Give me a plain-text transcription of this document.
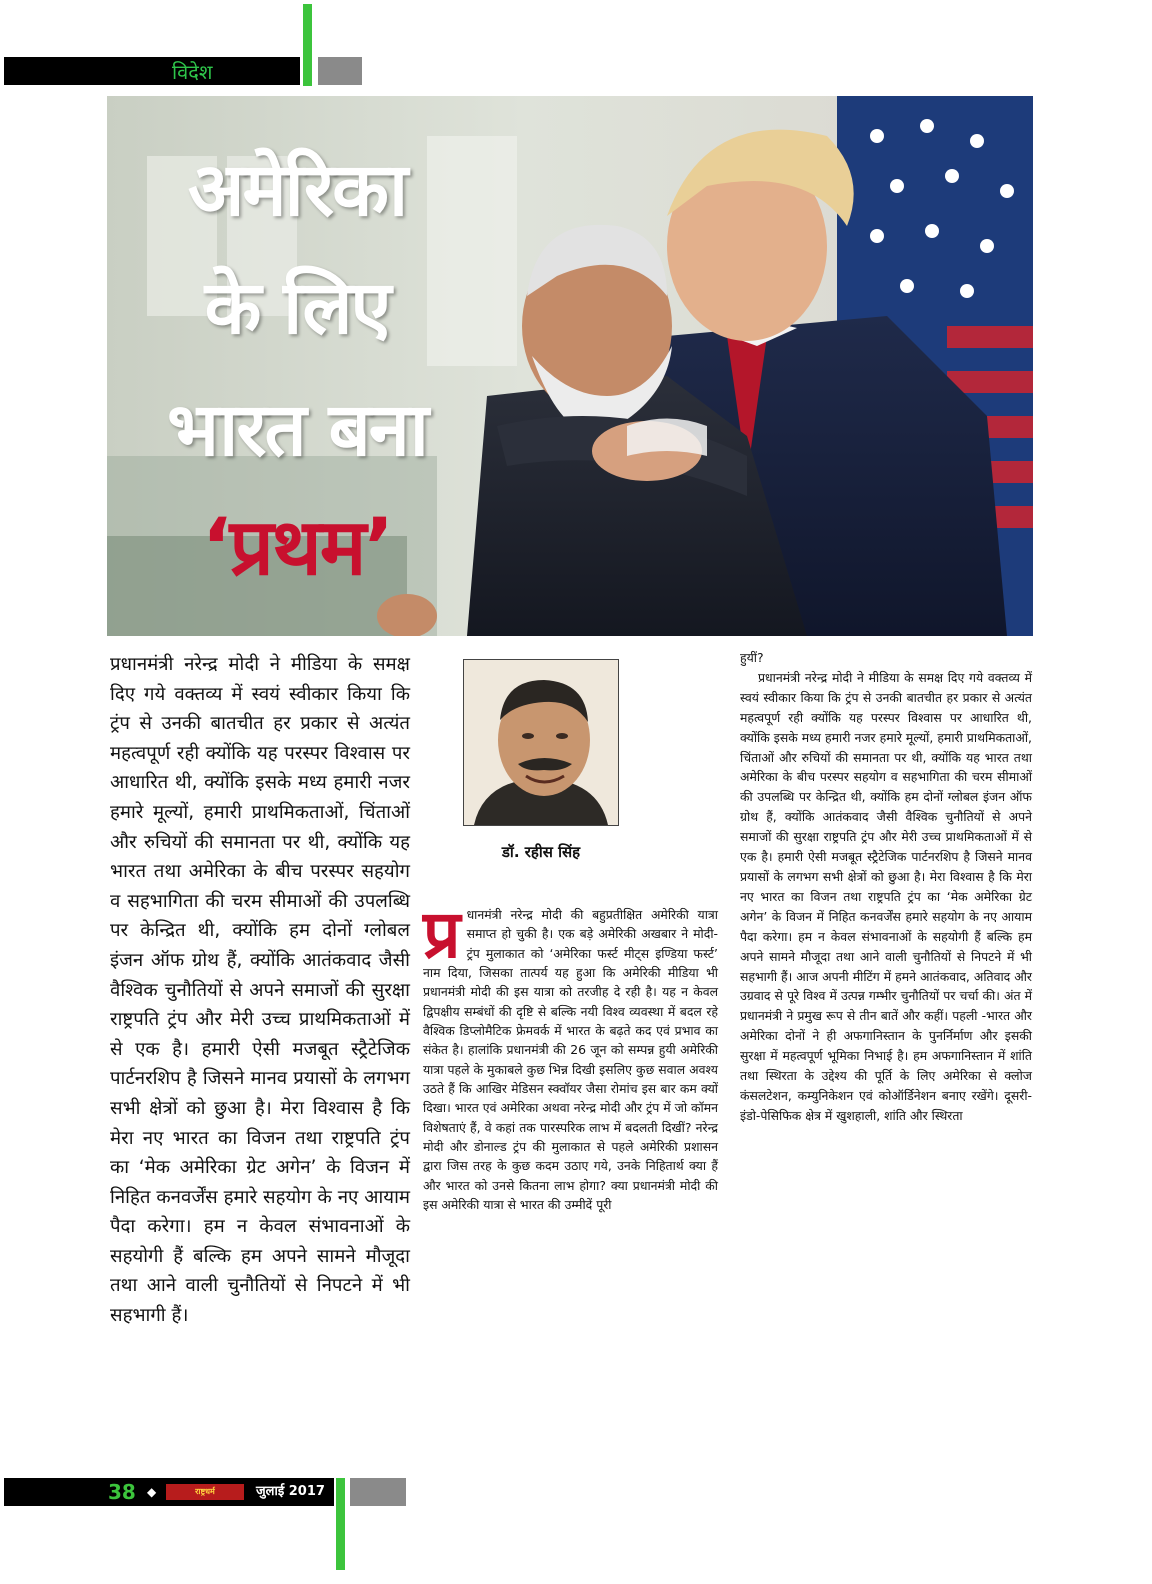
विदेश
अमेरिका
के लिए
भारत बना
‘प्रथम’

प्रधानमंत्री नरेन्द्र मोदी ने मीडिया के समक्ष दिए गये वक्तव्य में स्वयं स्वीकार किया कि ट्रंप से उनकी बातचीत हर प्रकार से अत्यंत महत्वपूर्ण रही क्योंकि यह परस्पर विश्वास पर आधारित थी, क्योंकि इसके मध्य हमारी नजर हमारे मूल्यों, हमारी प्राथमिकताओं, चिंताओं और रुचियों की समानता पर थी, क्योंकि यह भारत तथा अमेरिका के बीच परस्पर सहयोग व सहभागिता की चरम सीमाओं की उपलब्धि पर केन्द्रित थी, क्योंकि हम दोनों ग्लोबल इंजन ऑफ ग्रोथ हैं, क्योंकि आतंकवाद जैसी वैश्विक चुनौतियों से अपने समाजों की सुरक्षा राष्ट्रपति ट्रंप और मेरी उच्च प्राथमिकताओं में से एक है। हमारी ऐसी मजबूत स्ट्रैटेजिक पार्टनरशिप है जिसने मानव प्रयासों के लगभग सभी क्षेत्रों को छुआ है। मेरा विश्वास है कि मेरा नए भारत का विजन तथा राष्ट्रपति ट्रंप का ‘मेक अमेरिका ग्रेट अगेन’ के विजन में निहित कनवर्जेंस हमारे सहयोग के नए आयाम पैदा करेगा। हम न केवल संभावनाओं के सहयोगी हैं बल्कि हम अपने सामने मौजूदा तथा आने वाली चुनौतियों से निपटने में भी सहभागी हैं।

डॉ. रहीस सिंह
प्र धानमंत्री नरेन्द्र मोदी की बहुप्रतीक्षित अमेरिकी यात्रा समाप्त हो चुकी है। एक बड़े अमेरिकी अखबार ने मोदी-ट्रंप मुलाकात को ‘अमेरिका फर्स्ट मीट्स इण्डिया फर्स्ट’ नाम दिया, जिसका तात्पर्य यह हुआ कि अमेरिकी मीडिया भी प्रधानमंत्री मोदी की इस यात्रा को तरजीह दे रही है। यह न केवल द्विपक्षीय सम्बंधों की दृष्टि से बल्कि नयी विश्व व्यवस्था में बदल रहे वैश्विक डिप्लोमैटिक फ्रेमवर्क में भारत के बढ़ते कद एवं प्रभाव का संकेत है। हालांकि प्रधानमंत्री की 26 जून को सम्पन्न हुयी अमेरिकी यात्रा पहले के मुकाबले कुछ भिन्न दिखी इसलिए कुछ सवाल अवश्य उठते हैं कि आखिर मेडिसन स्क्वॉयर जैसा रोमांच इस बार कम क्यों दिखा। भारत एवं अमेरिका अथवा नरेन्द्र मोदी और ट्रंप में जो कॉमन विशेषताएं हैं, वे कहां तक पारस्परिक लाभ में बदलती दिखीं? नरेन्द्र मोदी और डोनाल्ड ट्रंप की मुलाकात से पहले अमेरिकी प्रशासन द्वारा जिस तरह के कुछ कदम उठाए गये, उनके निहितार्थ क्या हैं और भारत को उनसे कितना लाभ होगा? क्या प्रधानमंत्री मोदी की इस अमेरिकी यात्रा से भारत की उम्मीदें पूरी

हुयीं?

प्रधानमंत्री नरेन्द्र मोदी ने मीडिया के समक्ष दिए गये वक्तव्य में स्वयं स्वीकार किया कि ट्रंप से उनकी बातचीत हर प्रकार से अत्यंत महत्वपूर्ण रही क्योंकि यह परस्पर विश्वास पर आधारित थी, क्योंकि इसके मध्य हमारी नजर हमारे मूल्यों, हमारी प्राथमिकताओं, चिंताओं और रुचियों की समानता पर थी, क्योंकि यह भारत तथा अमेरिका के बीच परस्पर सहयोग व सहभागिता की चरम सीमाओं की उपलब्धि पर केन्द्रित थी, क्योंकि हम दोनों ग्लोबल इंजन ऑफ ग्रोथ हैं, क्योंकि आतंकवाद जैसी वैश्विक चुनौतियों से अपने समाजों की सुरक्षा राष्ट्रपति ट्रंप और मेरी उच्च प्राथमिकताओं में से एक है। हमारी ऐसी मजबूत स्ट्रैटेजिक पार्टनरशिप है जिसने मानव प्रयासों के लगभग सभी क्षेत्रों को छुआ है। मेरा विश्वास है कि मेरा नए भारत का विजन तथा राष्ट्रपति ट्रंप का ‘मेक अमेरिका ग्रेट अगेन’ के विजन में निहित कनवर्जेंस हमारे सहयोग के नए आयाम पैदा करेगा। हम न केवल संभावनाओं के सहयोगी हैं बल्कि हम अपने सामने मौजूदा तथा आने वाली चुनौतियों से निपटने में भी सहभागी हैं। आज अपनी मीटिंग में हमने आतंकवाद, अतिवाद और उग्रवाद से पूरे विश्व में उत्पन्न गम्भीर चुनौतियों पर चर्चा की। अंत में प्रधानमंत्री ने प्रमुख रूप से तीन बातें और कहीं। पहली -भारत और अमेरिका दोनों ने ही अफगानिस्तान के पुनर्निर्माण और इसकी सुरक्षा में महत्वपूर्ण भूमिका निभाई है। हम अफगानिस्तान में शांति तथा स्थिरता के उद्देश्य की पूर्ति के लिए अमेरिका से क्लोज कंसलटेशन, कम्युनिकेशन एवं कोऑर्डिनेशन बनाए रखेंगे। दूसरी-इंडो-पेसिफिक क्षेत्र में खुशहाली, शांति और स्थिरता

38 ◆	राष्ट्रधर्म	जुलाई 2017
